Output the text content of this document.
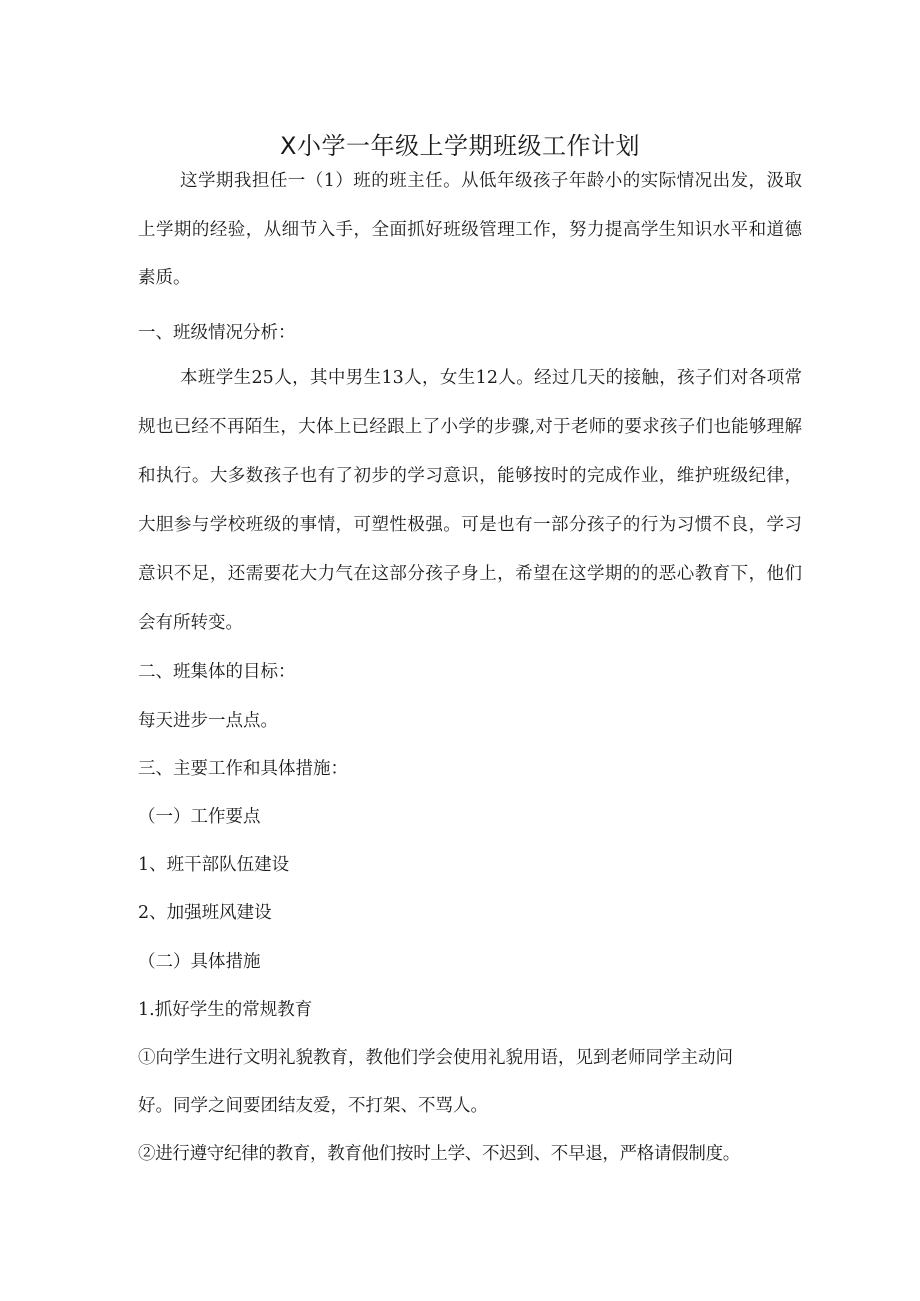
X小学一年级上学期班级工作计划

这学期我担任一（1）班的班主任。从低年级孩子年龄小的实际情况出发，汲取上学期的经验，从细节入手，全面抓好班级管理工作，努力提高学生知识水平和道德素质。

一、班级情况分析：

本班学生25人，其中男生13人，女生12人。经过几天的接触，孩子们对各项常规也已经不再陌生，大体上已经跟上了小学的步骤,对于老师的要求孩子们也能够理解和执行。大多数孩子也有了初步的学习意识，能够按时的完成作业，维护班级纪律，大胆参与学校班级的事情，可塑性极强。可是也有一部分孩子的行为习惯不良，学习意识不足，还需要花大力气在这部分孩子身上，希望在这学期的的恶心教育下，他们会有所转变。

二、班集体的目标：

每天进步一点点。

三、主要工作和具体措施：

（一）工作要点

1、班干部队伍建设

2、加强班风建设

（二）具体措施

1.抓好学生的常规教育

①向学生进行文明礼貌教育，教他们学会使用礼貌用语，见到老师同学主动问

好。同学之间要团结友爱，不打架、不骂人。

②进行遵守纪律的教育，教育他们按时上学、不迟到、不早退，严格请假制度。
